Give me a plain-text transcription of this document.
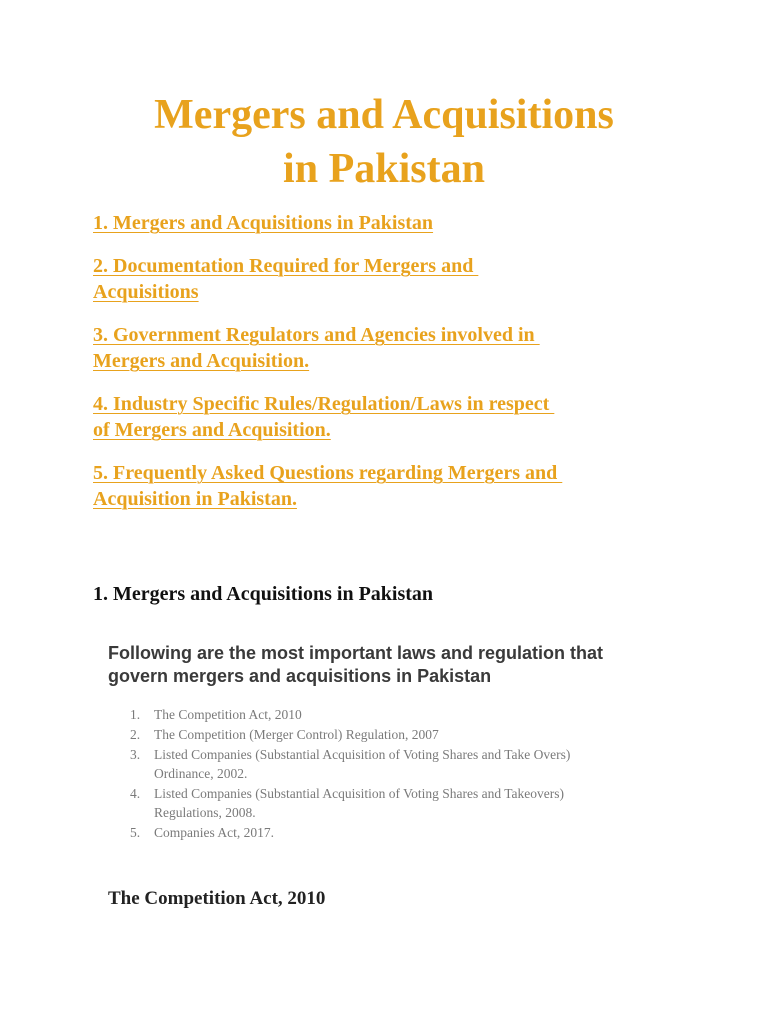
Mergers and Acquisitions
in Pakistan
1. Mergers and Acquisitions in Pakistan
2. Documentation Required for Mergers and
Acquisitions
3. Government Regulators and Agencies involved in
Mergers and Acquisition.
4. Industry Specific Rules/Regulation/Laws in respect
of Mergers and Acquisition.
5. Frequently Asked Questions regarding Mergers and
Acquisition in Pakistan.
1. Mergers and Acquisitions in Pakistan

Following are the most important laws and regulation that
govern mergers and acquisitions in Pakistan

1. The Competition Act, 2010
2. The Competition (Merger Control) Regulation, 2007
3. Listed Companies (Substantial Acquisition of Voting Shares and Take Overs)
Ordinance, 2002.
4. Listed Companies (Substantial Acquisition of Voting Shares and Takeovers)
Regulations, 2008.
5. Companies Act, 2017.
The Competition Act, 2010
